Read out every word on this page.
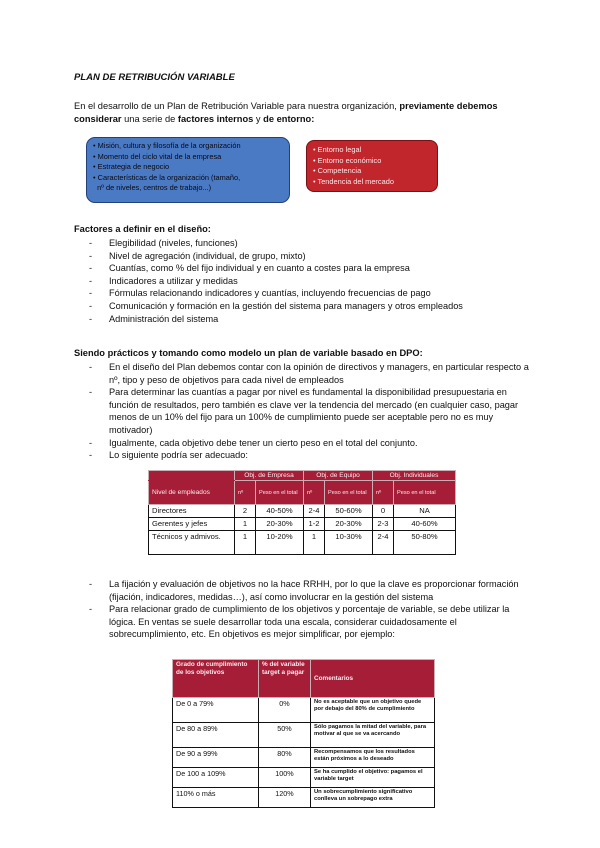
PLAN DE RETRIBUCIÓN VARIABLE

En el desarrollo de un Plan de Retribución Variable para nuestra organización, previamente debemos considerar una serie de factores internos y de entorno:

• Misión, cultura y filosofía de la organización
• Momento del ciclo vital de la empresa
• Estrategia de negocio
• Características de la organización (tamaño,
nº de niveles, centros de trabajo...)
• Entorno legal
• Entorno económico
• Competencia
• Tendencia del mercado
Factores a definir en el diseño:
- Elegibilidad (niveles, funciones)
- Nivel de agregación (individual, de grupo, mixto)
- Cuantías, como % del fijo individual y en cuanto a costes para la empresa
- Indicadores a utilizar y medidas
- Fórmulas relacionando indicadores y cuantías, incluyendo frecuencias de pago
- Comunicación y formación en la gestión del sistema para managers y otros empleados
- Administración del sistema
Siendo prácticos y tomando como modelo un plan de variable basado en DPO:
- En el diseño del Plan debemos contar con la opinión de directivos y managers, en particular respecto a nº, tipo y peso de objetivos para cada nivel de empleados
- Para determinar las cuantías a pagar por nivel es fundamental la disponibilidad presupuestaria en función de resultados, pero también es clave ver la tendencia del mercado (en cualquier caso, pagar menos de un 10% del fijo para un 100% de cumplimiento puede ser aceptable pero no es muy motivador)
- Igualmente, cada objetivo debe tener un cierto peso en el total del conjunto.
- Lo siguiente podría ser adecuado:
	Obj. de Empresa		Obj. de Equipo		Obj. Individuales	
Nivel de empleados	nº	Peso en el total	nº	Peso en el total	nº	Peso en el total
Directores	2	40-50%	2-4	50-60%	0	NA
Gerentes y jefes	1	20-30%	1-2	20-30%	2-3	40-60%
Técnicos y admivos.	1	10-20%	1	10-30%	2-4	50-80%
- La fijación y evaluación de objetivos no la hace RRHH, por lo que la clave es proporcionar formación (fijación, indicadores, medidas…), así como involucrar en la gestión del sistema
- Para relacionar grado de cumplimiento de los objetivos y porcentaje de variable, se debe utilizar la lógica. En ventas se suele desarrollar toda una escala, considerar cuidadosamente el sobrecumplimiento, etc. En objetivos es mejor simplificar, por ejemplo:
Grado de cumplimiento de los objetivos	% del variable target a pagar	Comentarios
De 0 a 79%	0%	No es aceptable que un objetivo quede por debajo del 80% de cumplimiento
De 80 a 89%	50%	Sólo pagamos la mitad del variable, para motivar al que se va acercando
De 90 a 99%	80%	Recompensamos que los resultados están próximos a lo deseado
De 100 a 109%	100%	Se ha cumplido el objetivo: pagamos el variable target
110% o más	120%	Un sobrecumplimiento significativo conlleva un sobrepago extra
